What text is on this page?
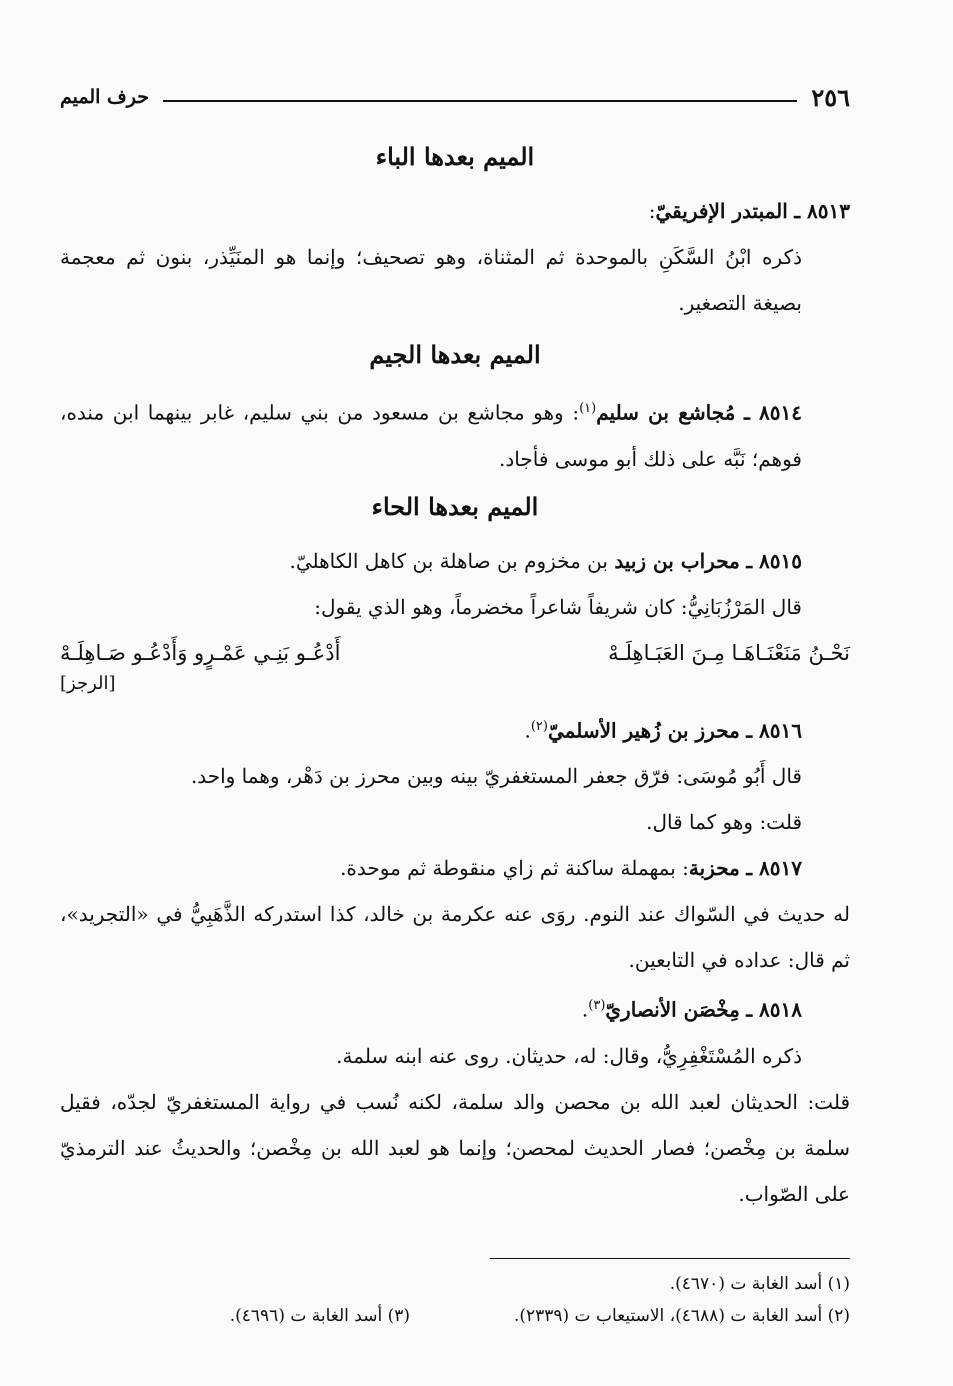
٢٥٦
حرف الميم
الميم بعدها الباء

٨٥١٣ ـ المبتدر الإفريقيّ:

ذكره ابْنُ السَّكَنِ بالموحدة ثم المثناة، وهو تصحيف؛ وإنما هو المنَيِّذر، بنون ثم معجمة بصيغة التصغير.

الميم بعدها الجيم

٨٥١٤ ـ مُجاشع بن سليم$^{(١)}$: وهو مجاشع بن مسعود من بني سليم، غابر بينهما ابن منده، فوهم؛ نَبَّه على ذلك أبو موسى فأجاد.

الميم بعدها الحاء

٨٥١٥ ـ محراب بن زبيد بن مخزوم بن صاهلة بن كاهل الكاهليّ.

قال المَرْزُبَانِيُّ: كان شريفاً شاعراً مخضرماً، وهو الذي يقول:

نَحْـنُ مَنَعْنَـاهَـا مِـنَ العَبَـاهِلَـهْ
أَدْعُـو بَنِـي عَمْـرٍو وَأَدْعُـو صَـاهِلَـهْ
[الرجز]

٨٥١٦ ـ محرز بن زُهير الأسلميّ$^{(٢)}$.

قال أَبُو مُوسَى: فرّق جعفر المستغفريّ بينه وبين محرز بن دَهْر، وهما واحد.

قلت: وهو كما قال.

٨٥١٧ ـ محزبة: بمهملة ساكنة ثم زاي منقوطة ثم موحدة.

له حديث في السّواك عند النوم. روَى عنه عكرمة بن خالد، كذا استدركه الذَّهَبِيُّ في «التجريد»، ثم قال: عداده في التابعين.

٨٥١٨ ـ مِخْصَن الأنصاريّ$^{(٣)}$.

ذكره المُسْتَغْفِرِيُّ، وقال: له، حديثان. روى عنه ابنه سلمة.

قلت: الحديثان لعبد الله بن محصن والد سلمة، لكنه نُسب في رواية المستغفريّ لجدّه، فقيل سلمة بن مِخْصن؛ فصار الحديث لمحصن؛ وإنما هو لعبد الله بن مِخْصن؛ والحديثُ عند الترمذيّ على الصّواب.

(١) أسد الغابة ت (٤٦٧٠).
(٢) أسد الغابة ت (٤٦٨٨)، الاستيعاب ت (٢٣٣٩).
(٣) أسد الغابة ت (٤٦٩٦).
